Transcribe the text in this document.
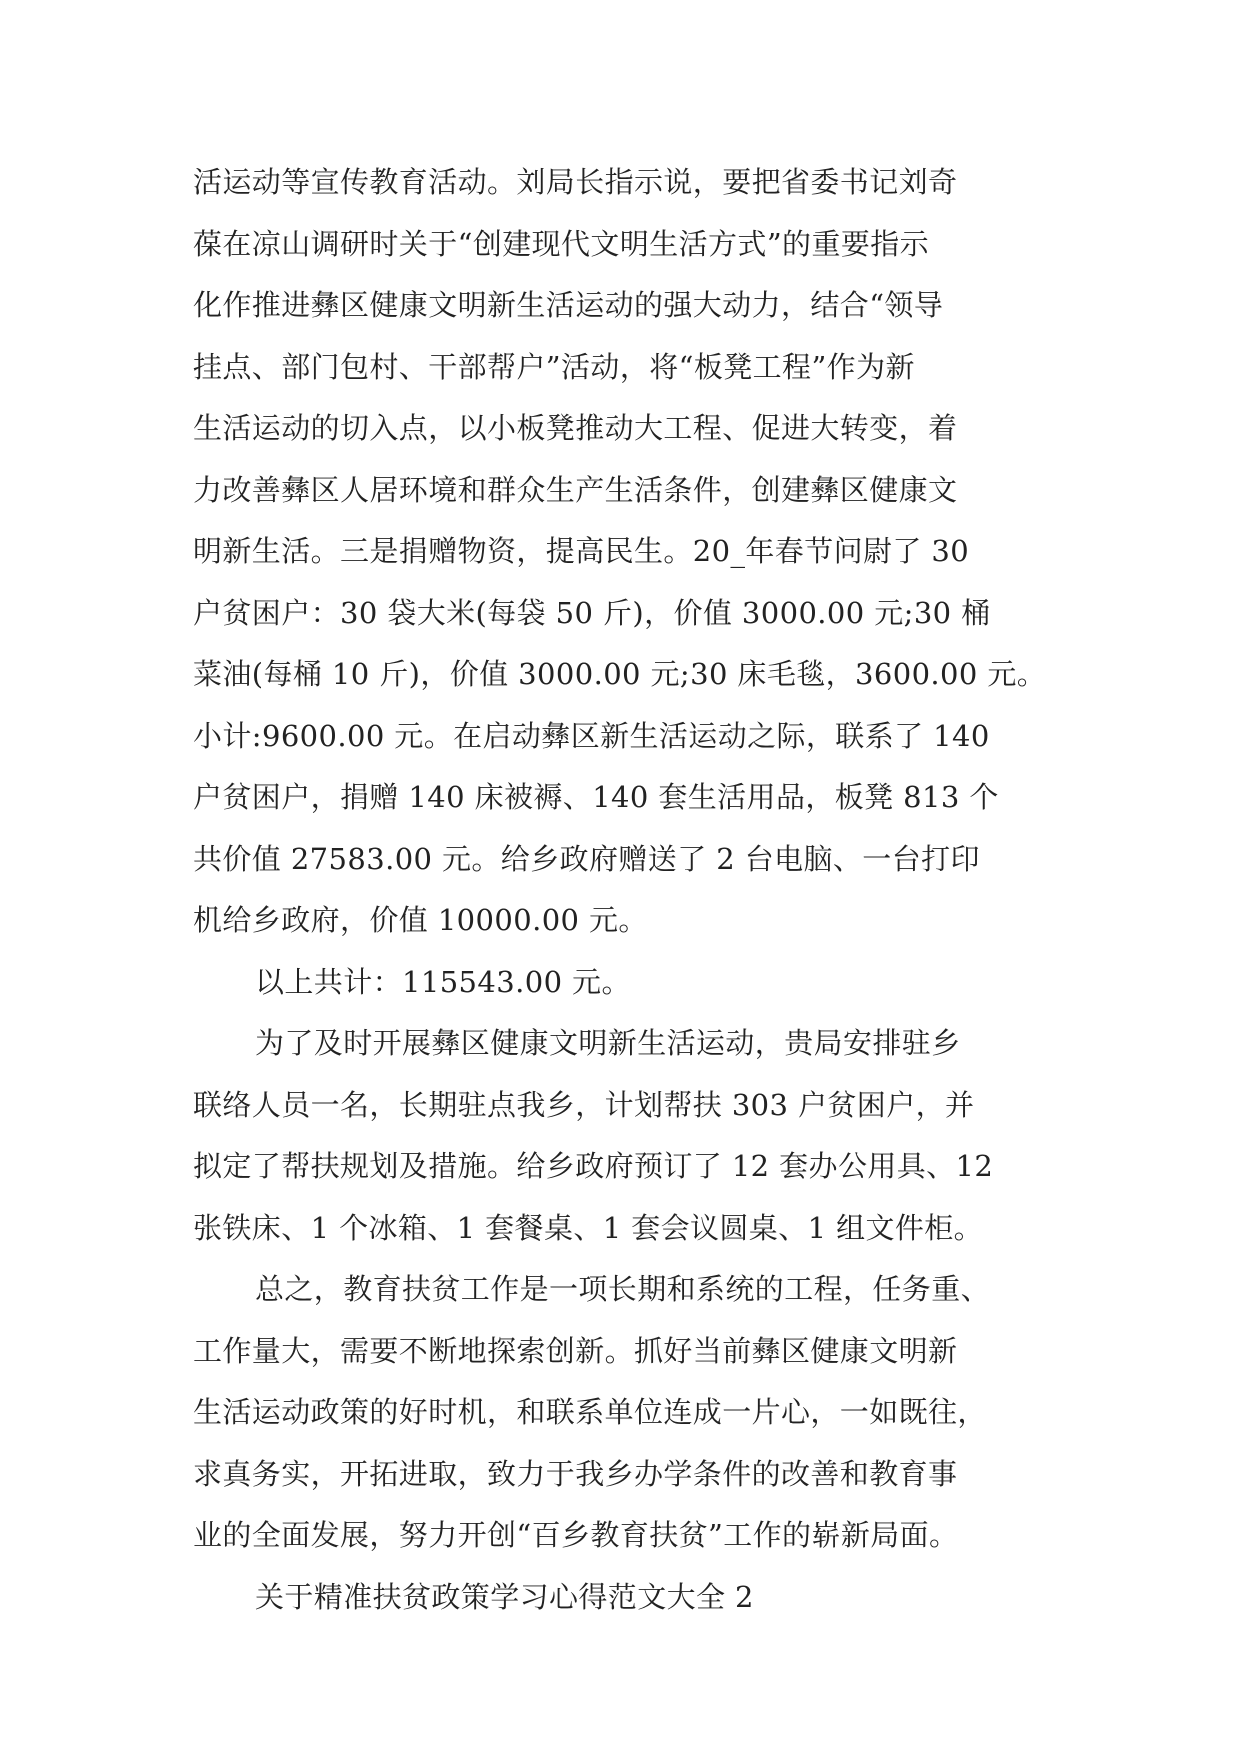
活运动等宣传教育活动。刘局长指示说，要把省委书记刘奇
葆在凉山调研时关于“创建现代文明生活方式”的重要指示
化作推进彝区健康文明新生活运动的强大动力，结合“领导
挂点、部门包村、干部帮户”活动，将“板凳工程”作为新
生活运动的切入点，以小板凳推动大工程、促进大转变，着
力改善彝区人居环境和群众生产生活条件，创建彝区健康文
明新生活。三是捐赠物资，提高民生。20_年春节问尉了 30
户贫困户：30 袋大米(每袋 50 斤)，价值 3000.00 元;30 桶
菜油(每桶 10 斤)，价值 3000.00 元;30 床毛毯，3600.00 元。
小计:9600.00 元。在启动彝区新生活运动之际，联系了 140
户贫困户，捐赠 140 床被褥、140 套生活用品，板凳 813 个
共价值 27583.00 元。给乡政府赠送了 2 台电脑、一台打印
机给乡政府，价值 10000.00 元。
以上共计：115543.00 元。
为了及时开展彝区健康文明新生活运动，贵局安排驻乡
联络人员一名，长期驻点我乡，计划帮扶 303 户贫困户，并
拟定了帮扶规划及措施。给乡政府预订了 12 套办公用具、12
张铁床、1 个冰箱、1 套餐桌、1 套会议圆桌、1 组文件柜。
总之，教育扶贫工作是一项长期和系统的工程，任务重、
工作量大，需要不断地探索创新。抓好当前彝区健康文明新
生活运动政策的好时机，和联系单位连成一片心，一如既往，
求真务实，开拓进取，致力于我乡办学条件的改善和教育事
业的全面发展，努力开创“百乡教育扶贫”工作的崭新局面。
关于精准扶贫政策学习心得范文大全 2
